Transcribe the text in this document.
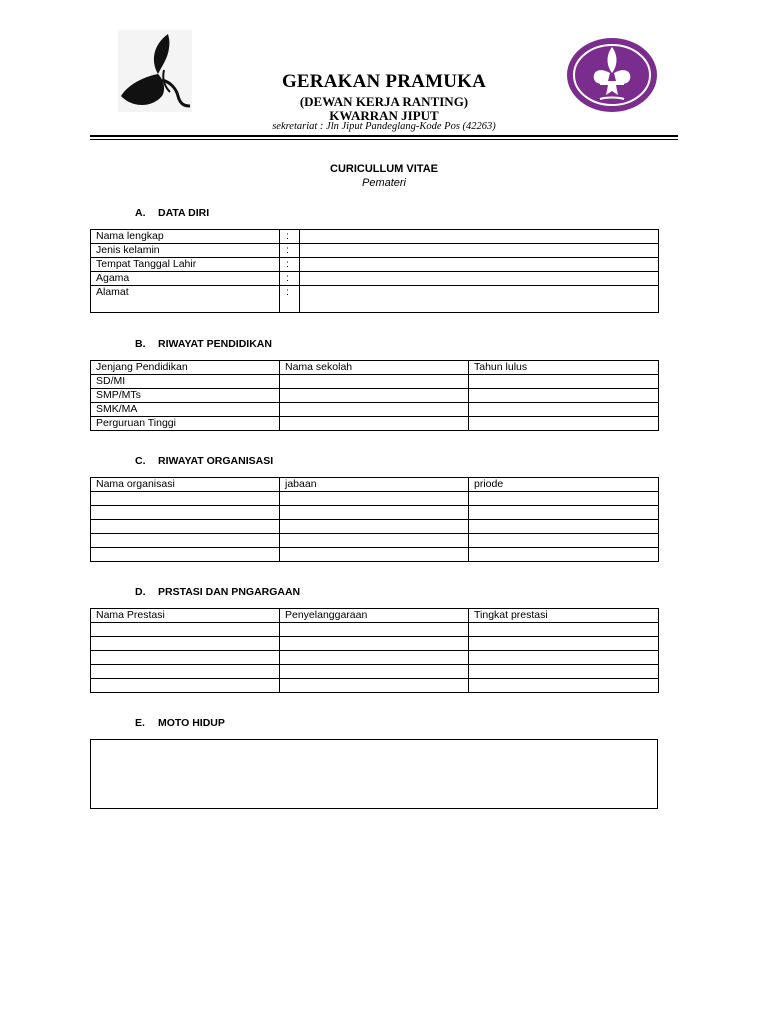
GERAKAN PRAMUKA
(DEWAN KERJA RANTING)
KWARRAN JIPUT
sekretariat : Jln Jiput Pandeglang-Kode Pos (42263)
CURICULLUM VITAE
Pemateri
A. DATA DIRI
Nama lengkap	:	
Jenis kelamin	:	
Tempat Tanggal Lahir	:	
Agama	:	
Alamat	:	
B. RIWAYAT PENDIDIKAN
Jenjang Pendidikan	Nama sekolah	Tahun lulus
SD/MI		
SMP/MTs		
SMK/MA		
Perguruan Tinggi		
C. RIWAYAT ORGANISASI
Nama organisasi	jabaan	priode

D. PRSTASI DAN PNGARGAAN
Nama Prestasi	Penyelanggaraan	Tingkat prestasi

E. MOTO HIDUP
